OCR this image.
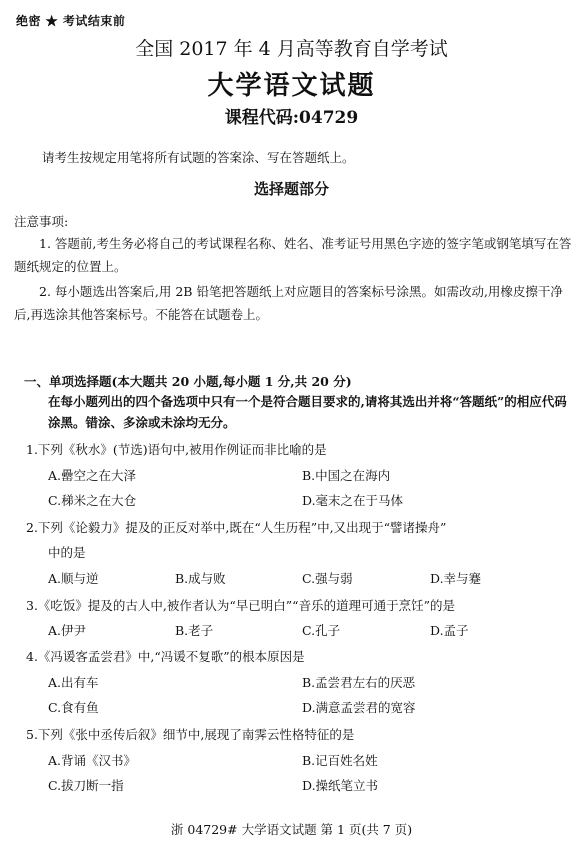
绝密 ★ 考试结束前
全国 2017 年 4 月高等教育自学考试
大学语文试题
课程代码:04729
请考生按规定用笔将所有试题的答案涂、写在答题纸上。
选择题部分
注意事项:
1. 答题前,考生务必将自己的考试课程名称、姓名、准考证号用黑色字迹的签字笔或钢笔填写在答题纸规定的位置上。
2. 每小题选出答案后,用 2B 铅笔把答题纸上对应题目的答案标号涂黑。如需改动,用橡皮擦干净后,再选涂其他答案标号。不能答在试题卷上。
一、单项选择题(本大题共 20 小题,每小题 1 分,共 20 分)
在每小题列出的四个备选项中只有一个是符合题目要求的,请将其选出并将“答题纸”的相应代码涂黑。错涂、多涂或未涂均无分。
1.下列《秋水》(节选)语句中,被用作例证而非比喻的是
A.罍空之在大泽	B.中国之在海内
C.稊米之在大仓	D.毫末之在于马体
2.下列《论毅力》提及的正反对举中,既在“人生历程”中,又出现于“譬诸操舟”
中的是
A.顺与逆	B.成与败	C.强与弱	D.幸与蹇
3.《吃饭》提及的古人中,被作者认为“早已明白”“音乐的道理可通于烹饪”的是
A.伊尹	B.老子	C.孔子	D.孟子
4.《冯谖客孟尝君》中,“冯谖不复歌”的根本原因是
A.出有车	B.孟尝君左右的厌恶
C.食有鱼	D.满意孟尝君的宽容
5.下列《张中丞传后叙》细节中,展现了南霁云性格特征的是
A.背诵《汉书》	B.记百姓名姓
C.拔刀断一指	D.操纸笔立书
浙 04729# 大学语文试题 第 1 页(共 7 页)
